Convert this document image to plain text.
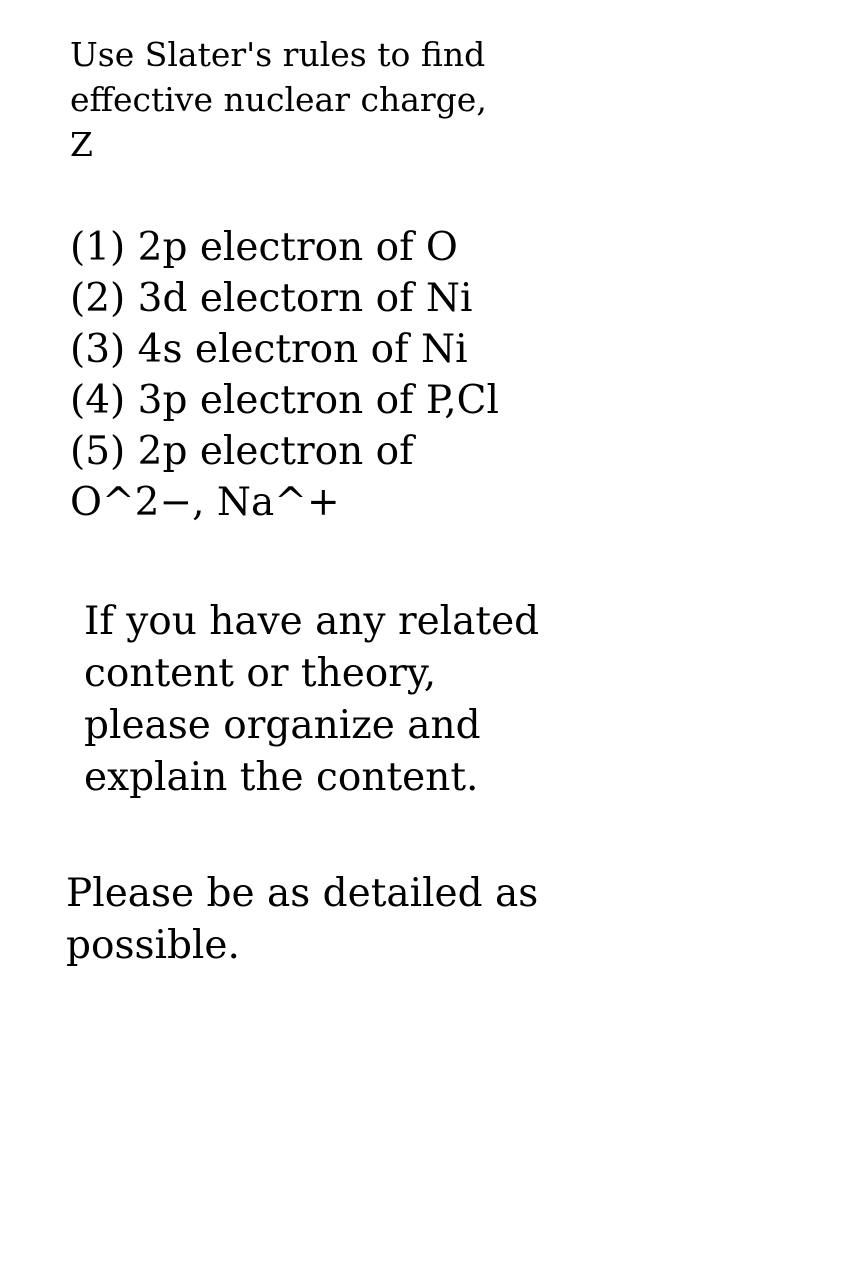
Use Slater's rules to find
effective nuclear charge,
Z
(1) 2p electron of O
(2) 3d electorn of Ni
(3) 4s electron of Ni
(4) 3p electron of P,Cl
(5) 2p electron of
O^2−, Na^+
If you have any related
content or theory,
please organize and
explain the content.
Please be as detailed as
possible.
